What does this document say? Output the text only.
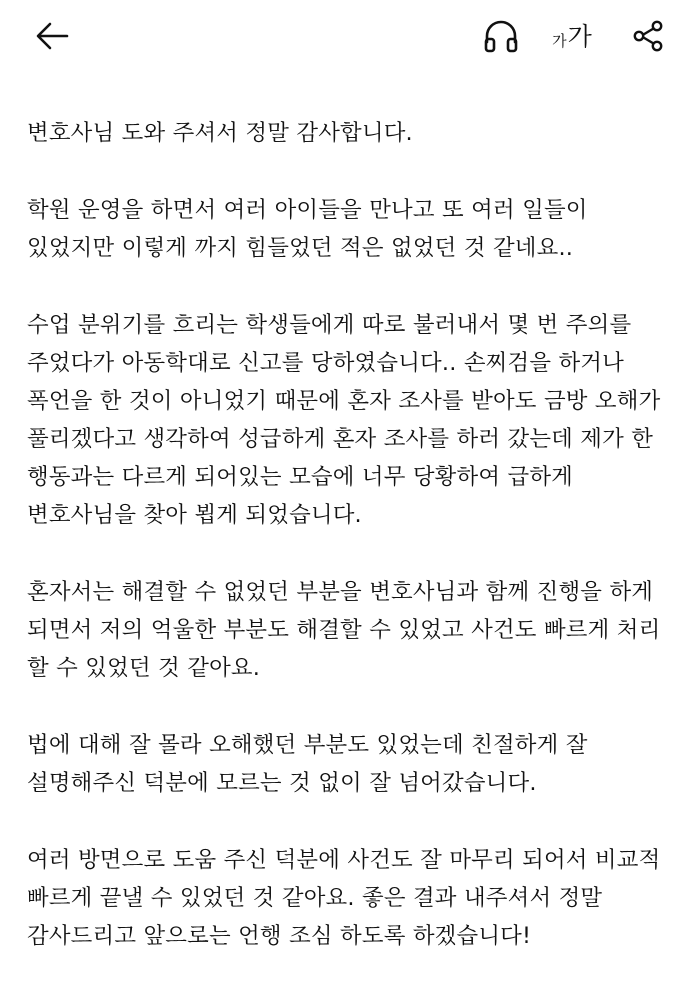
가 가

변호사님 도와 주셔서 정말 감사합니다.

학원 운영을 하면서 여러 아이들을 만나고 또 여러 일들이
있었지만 이렇게 까지 힘들었던 적은 없었던 것 같네요..

수업 분위기를 흐리는 학생들에게 따로 불러내서 몇 번 주의를
주었다가 아동학대로 신고를 당하였습니다.. 손찌검을 하거나
폭언을 한 것이 아니었기 때문에 혼자 조사를 받아도 금방 오해가
풀리겠다고 생각하여 성급하게 혼자 조사를 하러 갔는데 제가 한
행동과는 다르게 되어있는 모습에 너무 당황하여 급하게
변호사님을 찾아 뵙게 되었습니다.

혼자서는 해결할 수 없었던 부분을 변호사님과 함께 진행을 하게
되면서 저의 억울한 부분도 해결할 수 있었고 사건도 빠르게 처리
할 수 있었던 것 같아요.

법에 대해 잘 몰라 오해했던 부분도 있었는데 친절하게 잘
설명해주신 덕분에 모르는 것 없이 잘 넘어갔습니다.

여러 방면으로 도움 주신 덕분에 사건도 잘 마무리 되어서 비교적
빠르게 끝낼 수 있었던 것 같아요. 좋은 결과 내주셔서 정말
감사드리고 앞으로는 언행 조심 하도록 하겠습니다!
